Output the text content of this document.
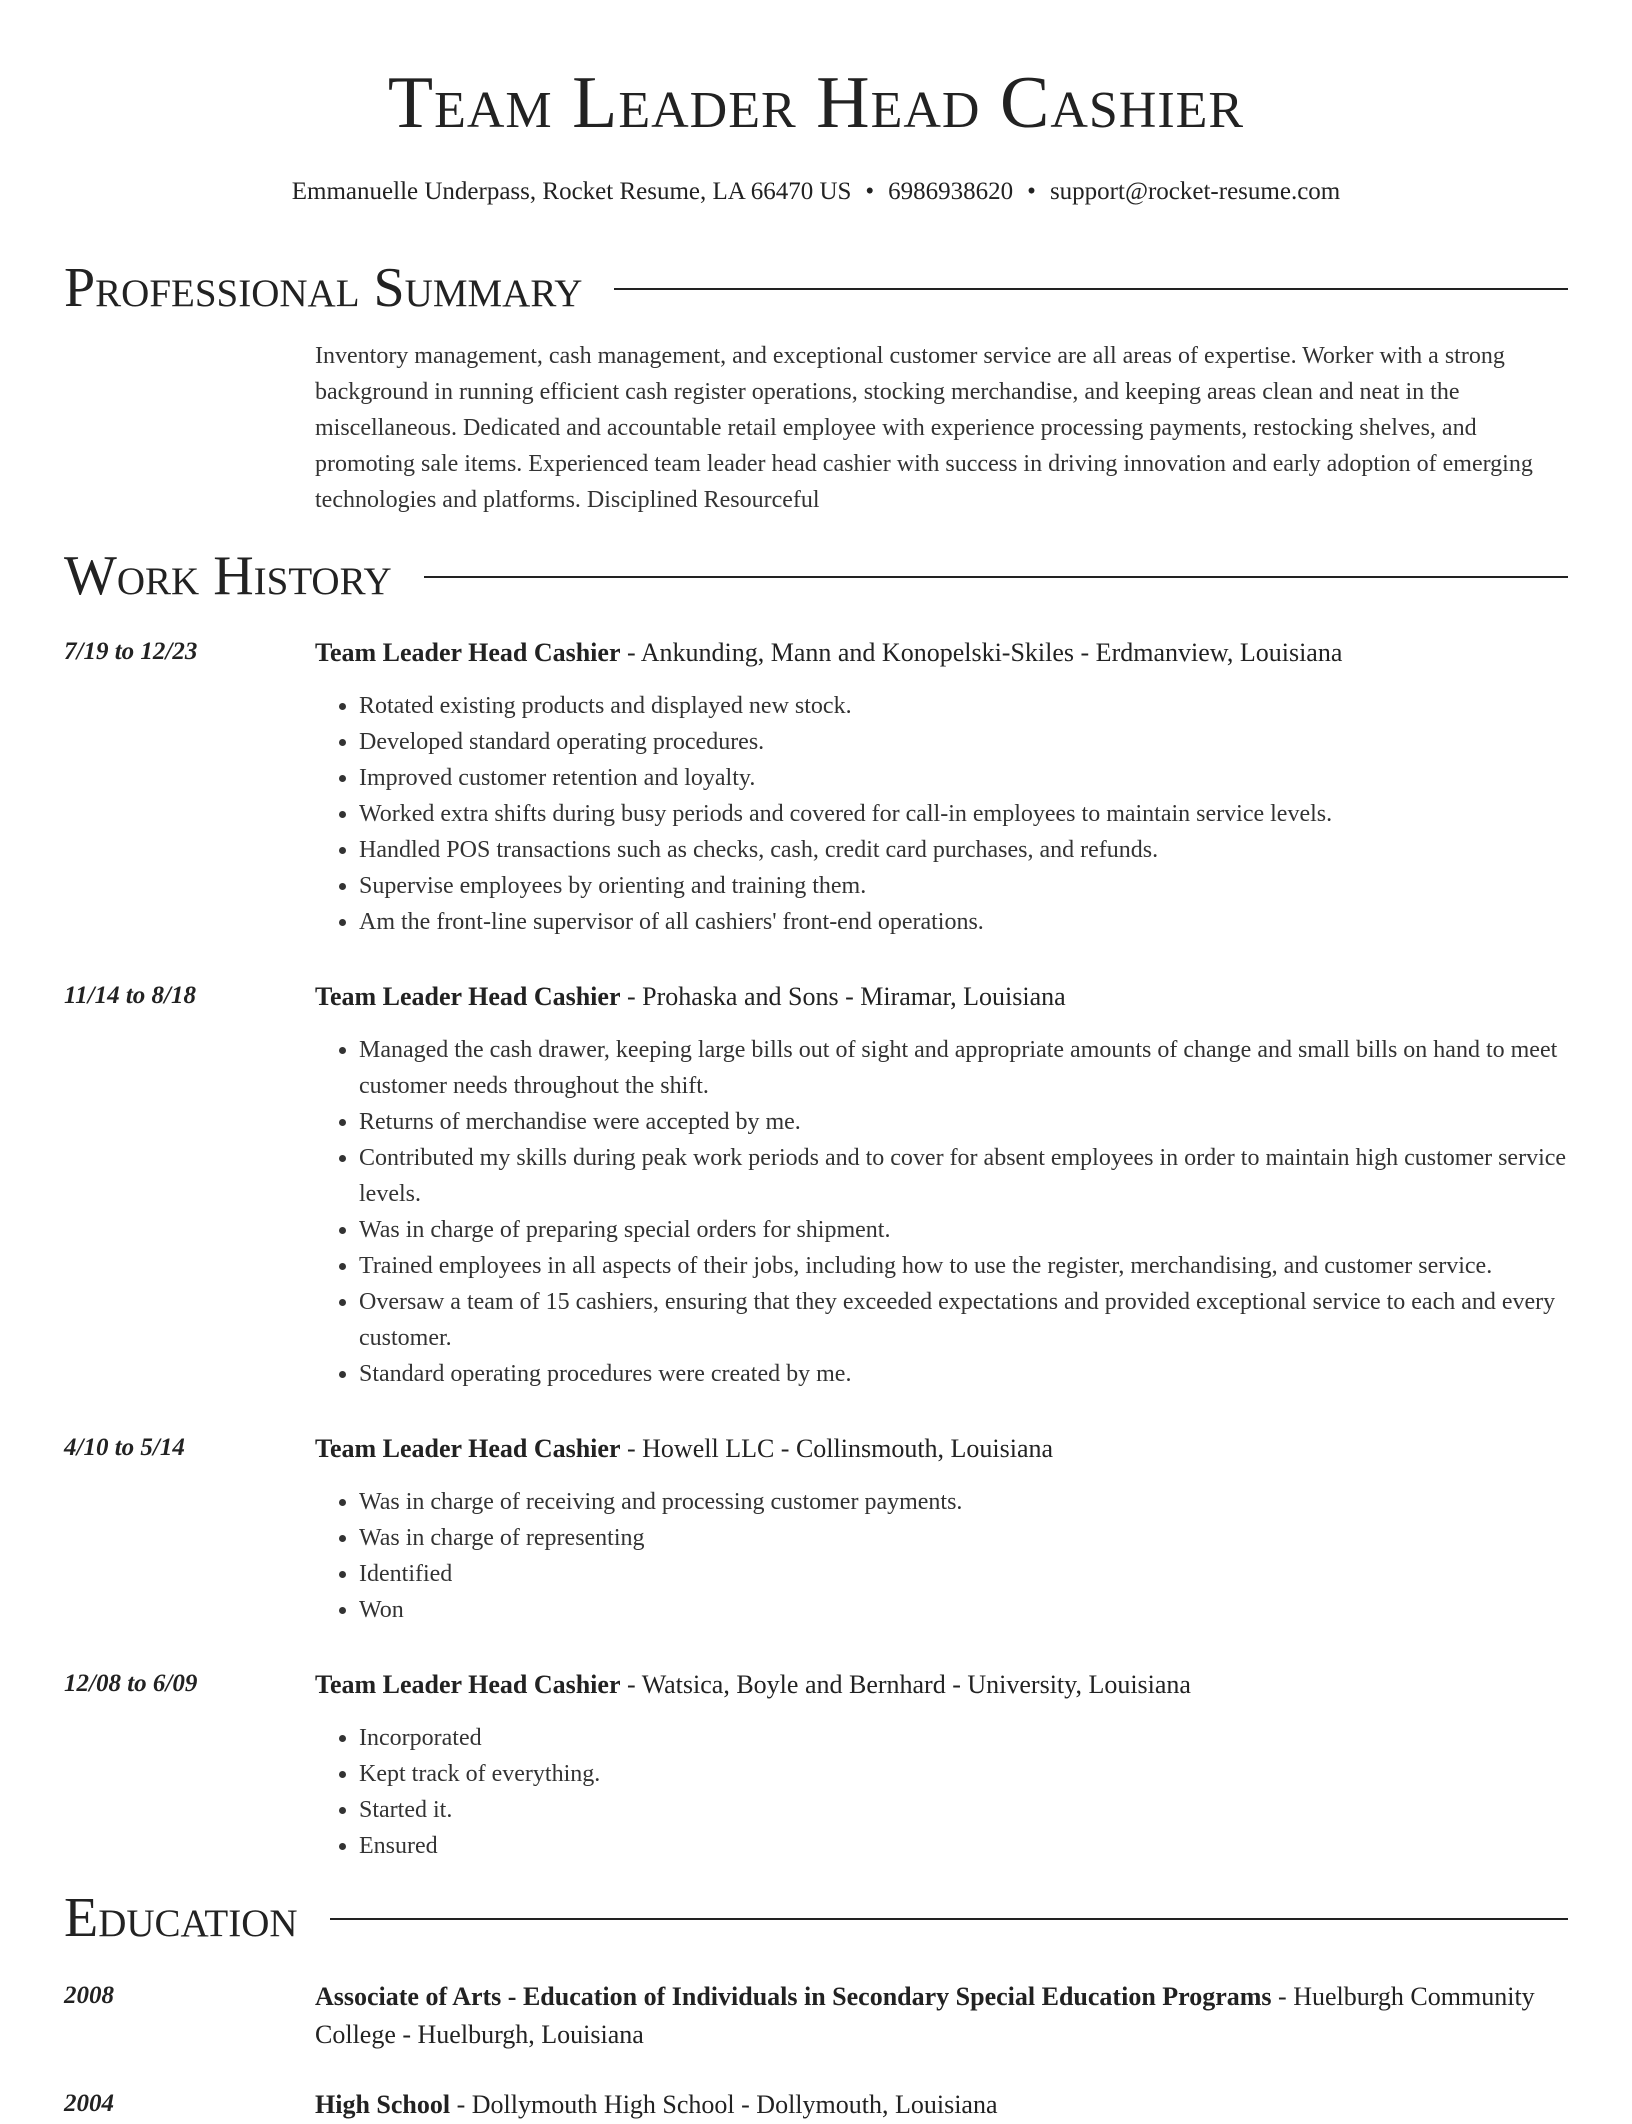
Team Leader Head Cashier
Emmanuelle Underpass, Rocket Resume, LA 66470 US • 6986938620 • support@rocket-resume.com
Professional Summary
Inventory management, cash management, and exceptional customer service are all areas of expertise. Worker with a strong background in running efficient cash register operations, stocking merchandise, and keeping areas clean and neat in the miscellaneous. Dedicated and accountable retail employee with experience processing payments, restocking shelves, and promoting sale items. Experienced team leader head cashier with success in driving innovation and early adoption of emerging technologies and platforms. Disciplined Resourceful
Work History
7/19 to 12/23	Team Leader Head Cashier - Ankunding, Mann and Konopelski-Skiles - Erdmanview, Louisiana
• Rotated existing products and displayed new stock.
• Developed standard operating procedures.
• Improved customer retention and loyalty.
• Worked extra shifts during busy periods and covered for call-in employees to maintain service levels.
• Handled POS transactions such as checks, cash, credit card purchases, and refunds.
• Supervise employees by orienting and training them.
• Am the front-line supervisor of all cashiers' front-end operations.
11/14 to 8/18	Team Leader Head Cashier - Prohaska and Sons - Miramar, Louisiana
• Managed the cash drawer, keeping large bills out of sight and appropriate amounts of change and small bills on hand to meet customer needs throughout the shift.
• Returns of merchandise were accepted by me.
• Contributed my skills during peak work periods and to cover for absent employees in order to maintain high customer service levels.
• Was in charge of preparing special orders for shipment.
• Trained employees in all aspects of their jobs, including how to use the register, merchandising, and customer service.
• Oversaw a team of 15 cashiers, ensuring that they exceeded expectations and provided exceptional service to each and every customer.
• Standard operating procedures were created by me.
4/10 to 5/14	Team Leader Head Cashier - Howell LLC - Collinsmouth, Louisiana
• Was in charge of receiving and processing customer payments.
• Was in charge of representing
• Identified
• Won
12/08 to 6/09	Team Leader Head Cashier - Watsica, Boyle and Bernhard - University, Louisiana
• Incorporated
• Kept track of everything.
• Started it.
• Ensured
Education
2008	Associate of Arts - Education of Individuals in Secondary Special Education Programs - Huelburgh Community College - Huelburgh, Louisiana
2004	High School - Dollymouth High School - Dollymouth, Louisiana
